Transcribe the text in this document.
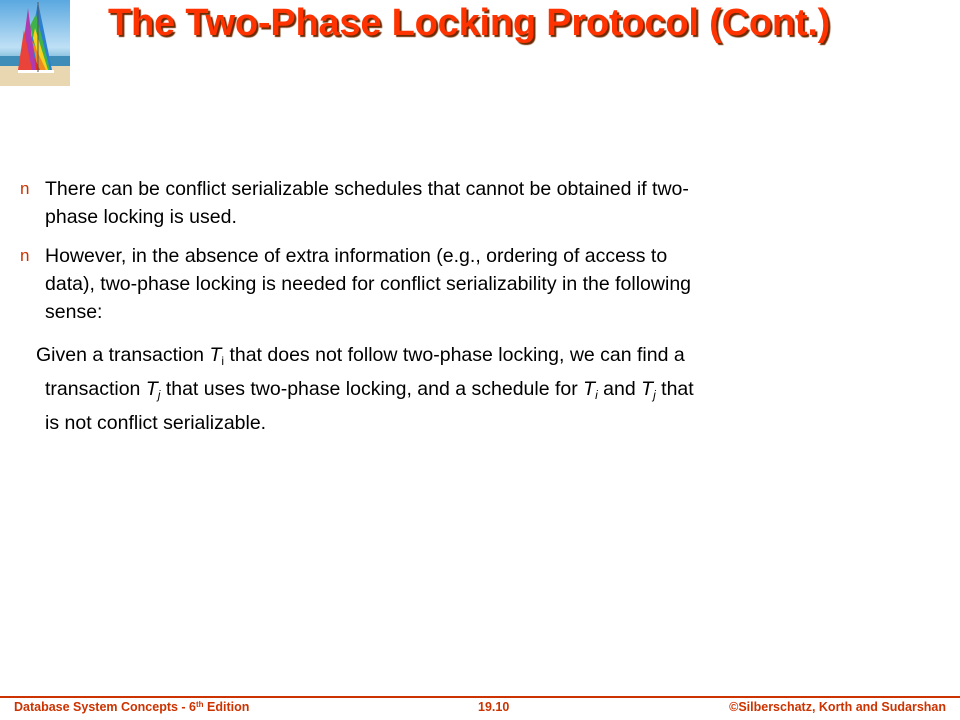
The Two-Phase Locking Protocol (Cont.)
n There can be conflict serializable schedules that cannot be obtained if two-
phase locking is used.
n However, in the absence of extra information (e.g., ordering of access to
data), two-phase locking is needed for conflict serializability in the following
sense:
Given a transaction $T_i$ that does not follow two-phase locking, we can find a
transaction $T_j$ that uses two-phase locking, and a schedule for $T_i$ and $T_j$ that
is not conflict serializable.
Database System Concepts - 6th Edition	19.10	©Silberschatz, Korth and Sudarshan
